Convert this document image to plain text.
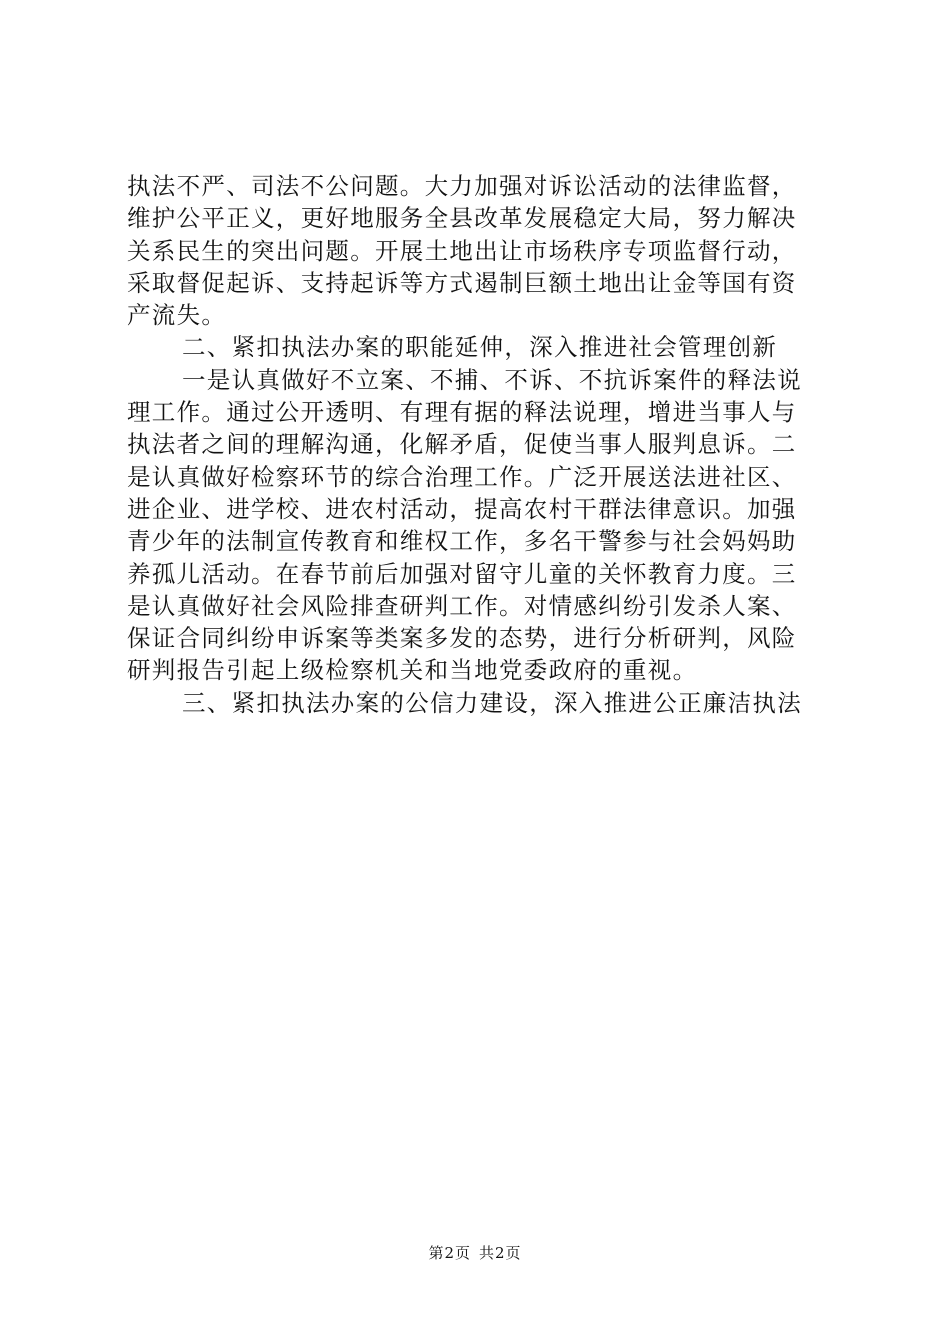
执法不严、司法不公问题。大力加强对诉讼活动的法律监督，
维护公平正义，更好地服务全县改革发展稳定大局，努力解决
关系民生的突出问题。开展土地出让市场秩序专项监督行动，
采取督促起诉、支持起诉等方式遏制巨额土地出让金等国有资
产流失。
二、紧扣执法办案的职能延伸，深入推进社会管理创新
一是认真做好不立案、不捕、不诉、不抗诉案件的释法说
理工作。通过公开透明、有理有据的释法说理，增进当事人与
执法者之间的理解沟通，化解矛盾，促使当事人服判息诉。二
是认真做好检察环节的综合治理工作。广泛开展送法进社区、
进企业、进学校、进农村活动，提高农村干群法律意识。加强
青少年的法制宣传教育和维权工作，多名干警参与社会妈妈助
养孤儿活动。在春节前后加强对留守儿童的关怀教育力度。三
是认真做好社会风险排查研判工作。对情感纠纷引发杀人案、
保证合同纠纷申诉案等类案多发的态势，进行分析研判，风险
研判报告引起上级检察机关和当地党委政府的重视。
三、紧扣执法办案的公信力建设，深入推进公正廉洁执法
第2页 共2页
